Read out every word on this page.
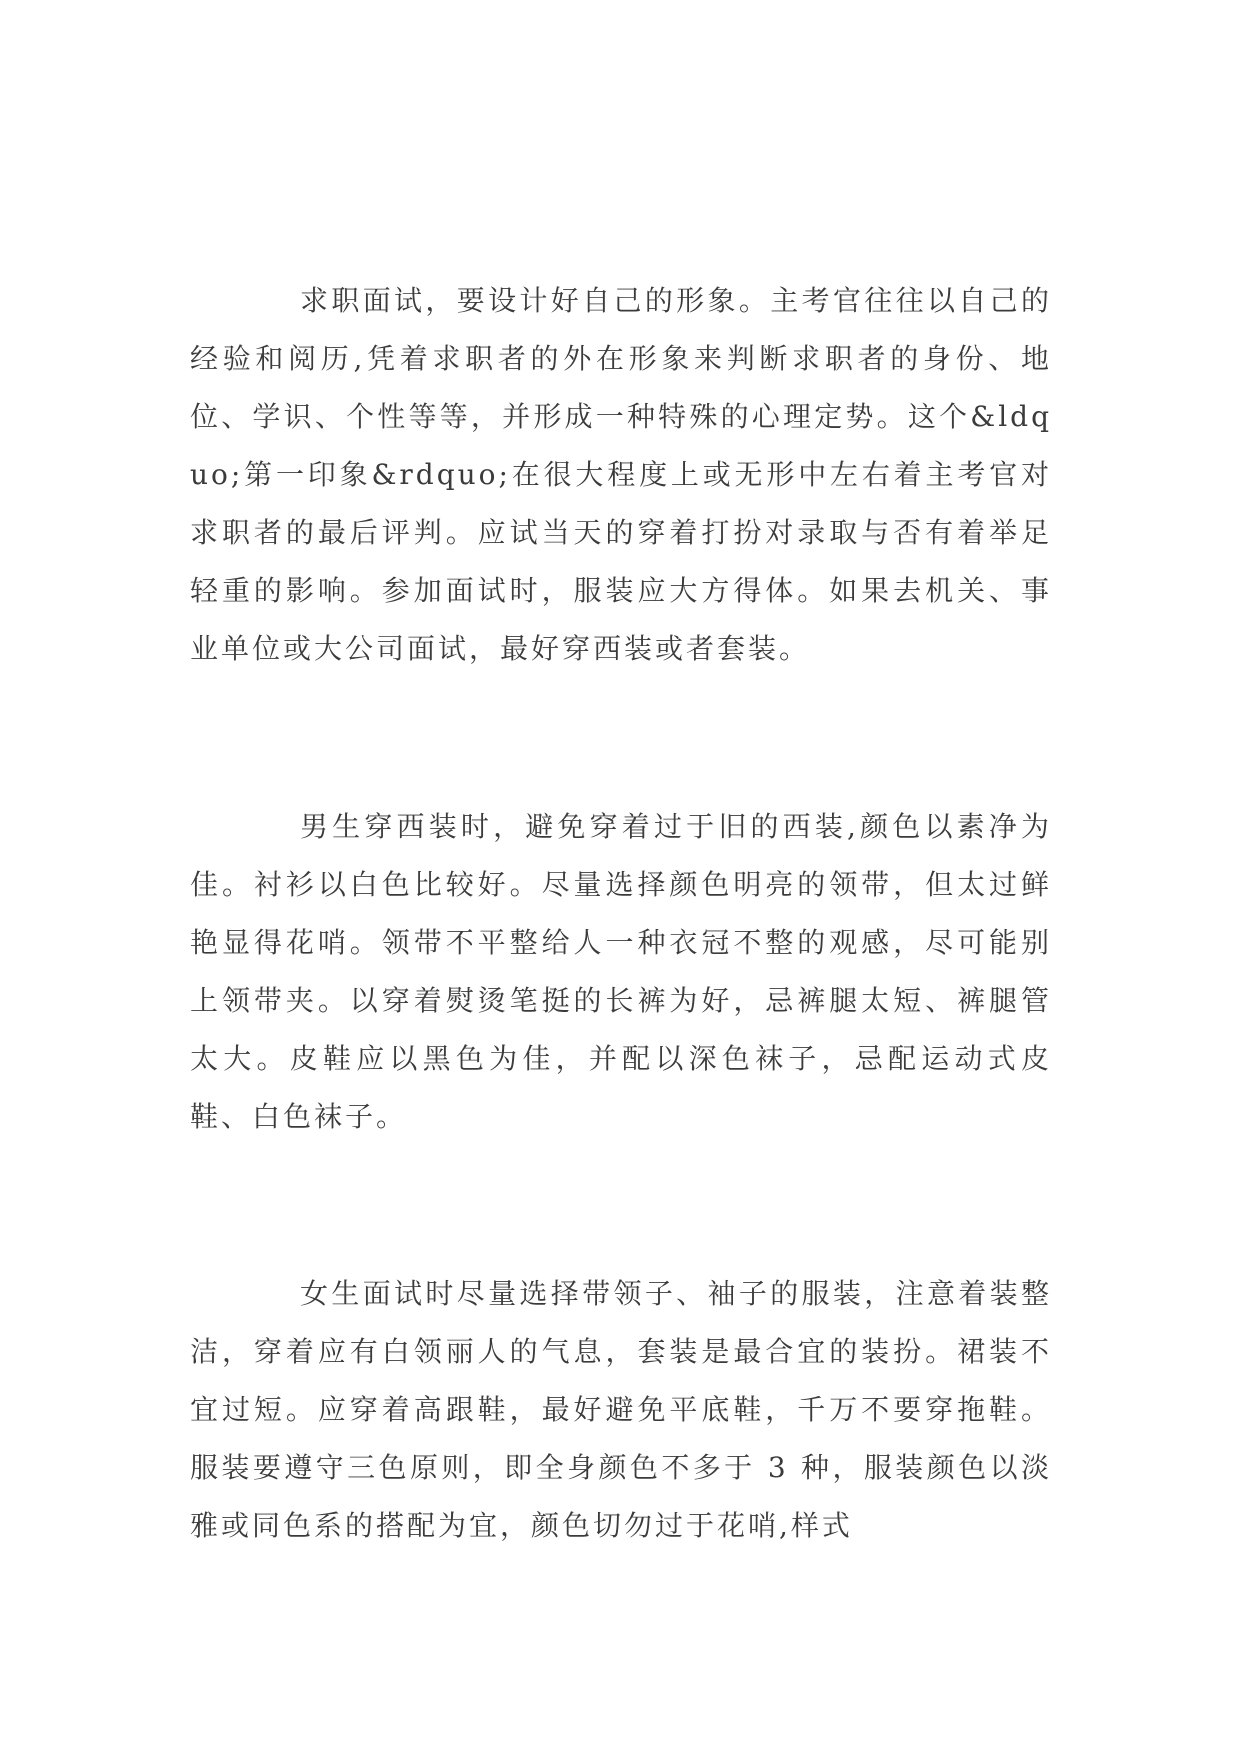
求职面试，要设计好自己的形象。主考官往往以自己的经验和阅历,凭着求职者的外在形象来判断求职者的身份、地位、学识、个性等等，并形成一种特殊的心理定势。这个&ldquo;第一印象&rdquo;在很大程度上或无形中左右着主考官对求职者的最后评判。应试当天的穿着打扮对录取与否有着举足轻重的影响。参加面试时，服装应大方得体。如果去机关、事业单位或大公司面试，最好穿西装或者套装。

男生穿西装时，避免穿着过于旧的西装,颜色以素净为佳。衬衫以白色比较好。尽量选择颜色明亮的领带，但太过鲜艳显得花哨。领带不平整给人一种衣冠不整的观感，尽可能别上领带夹。以穿着熨烫笔挺的长裤为好，忌裤腿太短、裤腿管太大。皮鞋应以黑色为佳，并配以深色袜子，忌配运动式皮鞋、白色袜子。

女生面试时尽量选择带领子、袖子的服装，注意着装整洁，穿着应有白领丽人的气息，套装是最合宜的装扮。裙装不宜过短。应穿着高跟鞋，最好避免平底鞋，千万不要穿拖鞋。服装要遵守三色原则，即全身颜色不多于 3 种，服装颜色以淡雅或同色系的搭配为宜，颜色切勿过于花哨,样式
